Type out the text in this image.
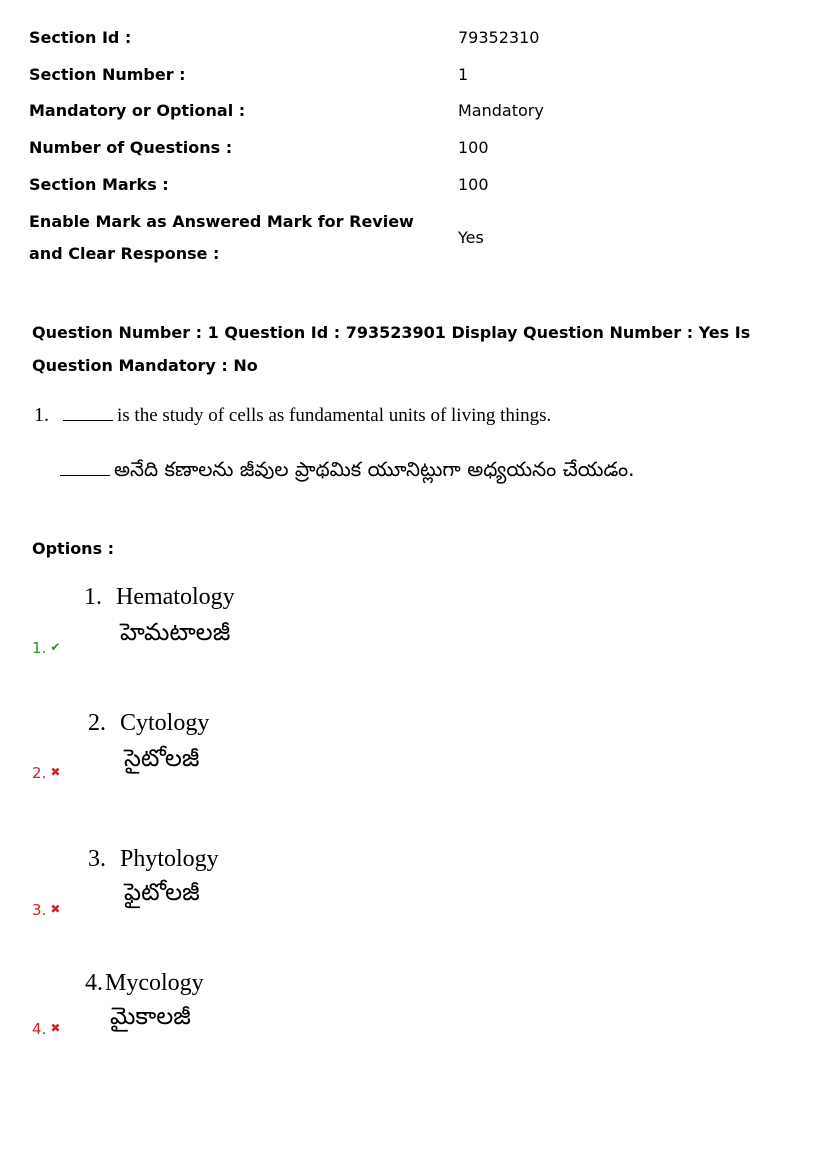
Section Id :	79352310
Section Number :	1
Mandatory or Optional :	Mandatory
Number of Questions :	100
Section Marks :	100
Enable Mark as Answered Mark for Review and Clear Response :
Yes
Question Number : 1 Question Id : 793523901 Display Question Number : Yes Is Question Mandatory : No
1.	is the study of cells as fundamental units of living things.
అనేది కణాలను జీవుల ప్రాథమిక యూనిట్లుగా అధ్యయనం చేయడం.
Options :
1. Hematology
హెమటాలజీ
1. ✔
2. Cytology
సైటోలజీ
2. ✖
3. Phytology
ఫైటోలజీ
3. ✖
4.Mycology
మైకాలజీ
4. ✖
